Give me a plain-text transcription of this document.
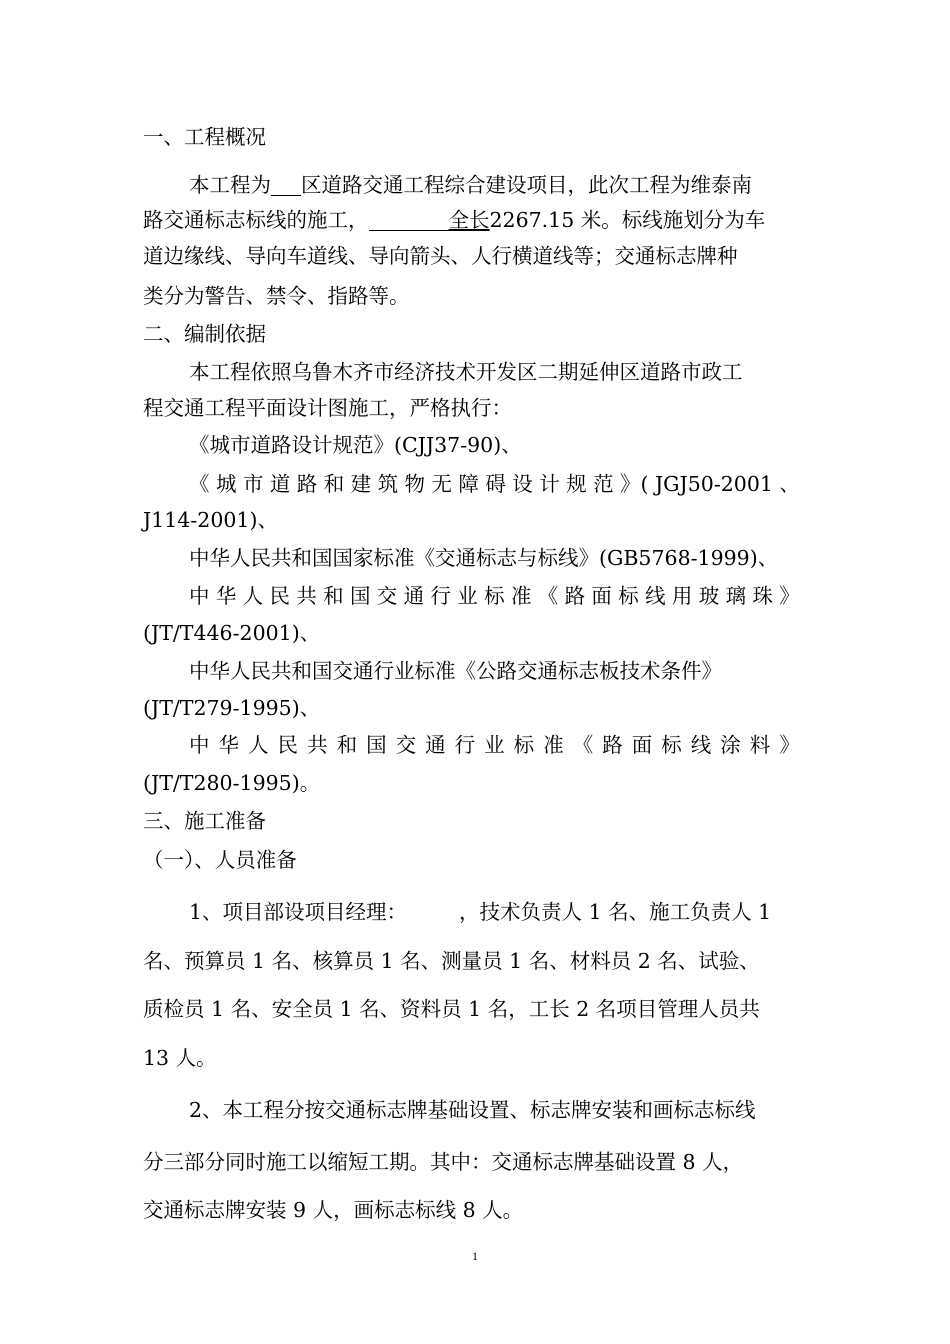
一、工程概况
本工程为 区道路交通工程综合建设项目，此次工程为维泰南
路交通标志标线的施工，	全长2267.15 米。标线施划分为车
道边缘线、导向车道线、导向箭头、人行横道线等；交通标志牌种
类分为警告、禁令、指路等。
二、编制依据
本工程依照乌鲁木齐市经济技术开发区二期延伸区道路市政工
程交通工程平面设计图施工，严格执行：
《城市道路设计规范》(CJJ37-90)、
《 城 市 道 路 和 建 筑 物 无 障 碍 设 计 规 范 》( JGJ50-2001 、
J114-2001)、
中华人民共和国国家标准《交通标志与标线》(GB5768-1999)、
中 华 人 民 共 和 国 交 通 行 业 标 准 《 路 面 标 线 用 玻 璃 珠 》
(JT/T446-2001)、
中华人民共和国交通行业标准《公路交通标志板技术条件》
(JT/T279-1995)、
中 华 人 民 共 和 国 交 通 行 业 标 准 《 路 面 标 线 涂 料 》
(JT/T280-1995)。
三、施工准备
（一）、人员准备
1、项目部设项目经理：	，技术负责人 1 名、施工负责人 1
名、预算员 1 名、核算员 1 名、测量员 1 名、材料员 2 名、试验、
质检员 1 名、安全员 1 名、资料员 1 名，工长 2 名项目管理人员共
13 人。
2、本工程分按交通标志牌基础设置、标志牌安装和画标志标线
分三部分同时施工以缩短工期。其中：交通标志牌基础设置 8 人，
交通标志牌安装 9 人，画标志标线 8 人。
1
